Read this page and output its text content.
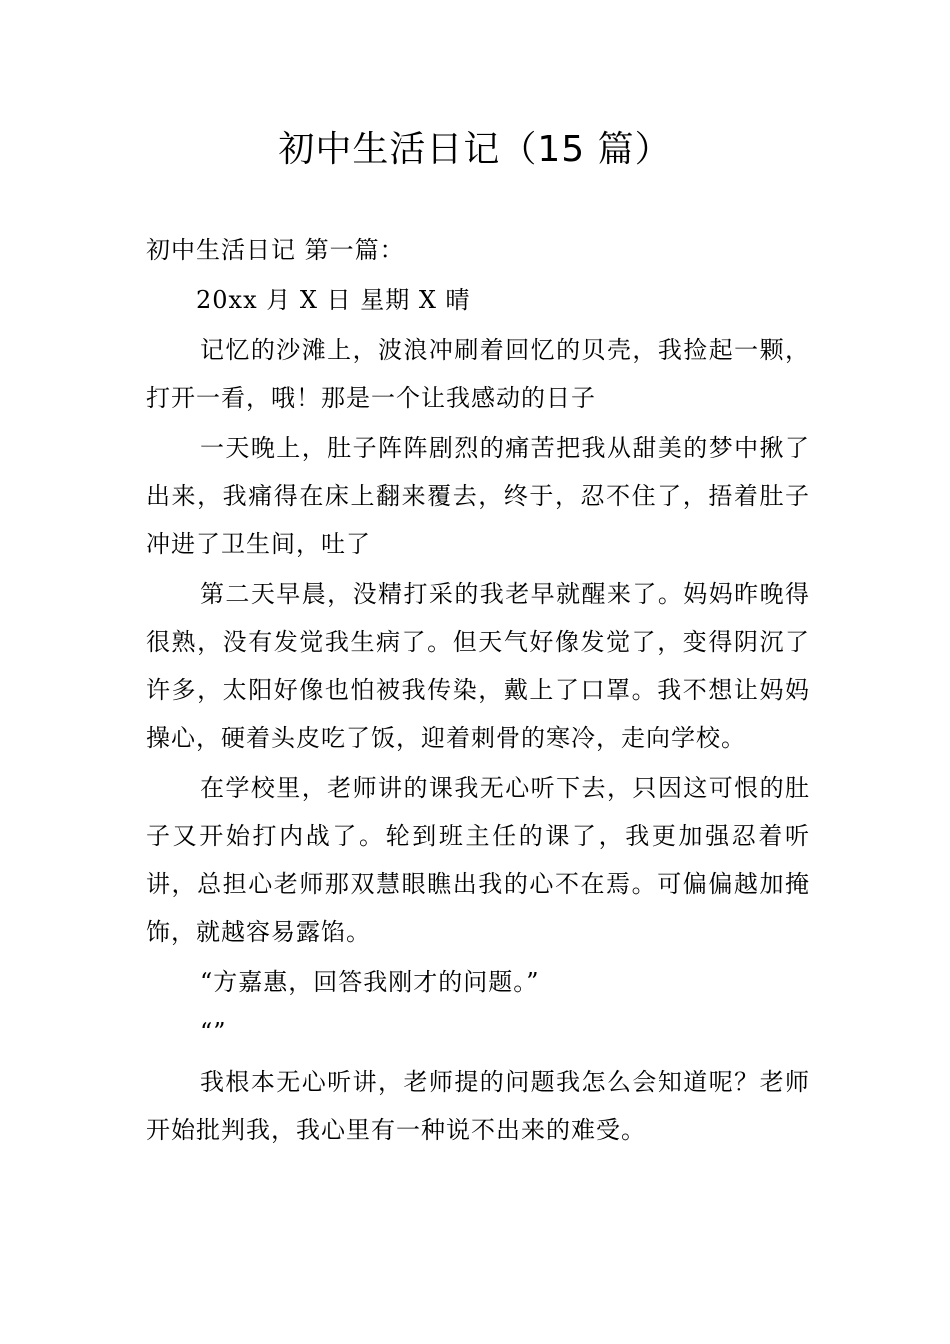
初中生活日记（15 篇）

初中生活日记 第一篇：

20xx 月 X 日 星期 X 晴

记忆的沙滩上，波浪冲刷着回忆的贝壳，我捡起一颗，打开一看，哦！那是一个让我感动的日子

一天晚上，肚子阵阵剧烈的痛苦把我从甜美的梦中揪了出来，我痛得在床上翻来覆去，终于，忍不住了，捂着肚子冲进了卫生间，吐了

第二天早晨，没精打采的我老早就醒来了。妈妈昨晚得很熟，没有发觉我生病了。但天气好像发觉了，变得阴沉了许多，太阳好像也怕被我传染，戴上了口罩。我不想让妈妈操心，硬着头皮吃了饭，迎着刺骨的寒冷，走向学校。

在学校里，老师讲的课我无心听下去，只因这可恨的肚子又开始打内战了。轮到班主任的课了，我更加强忍着听讲，总担心老师那双慧眼瞧出我的心不在焉。可偏偏越加掩饰，就越容易露馅。

“方嘉惠，回答我刚才的问题。”

“”

我根本无心听讲，老师提的问题我怎么会知道呢？老师开始批判我，我心里有一种说不出来的难受。
